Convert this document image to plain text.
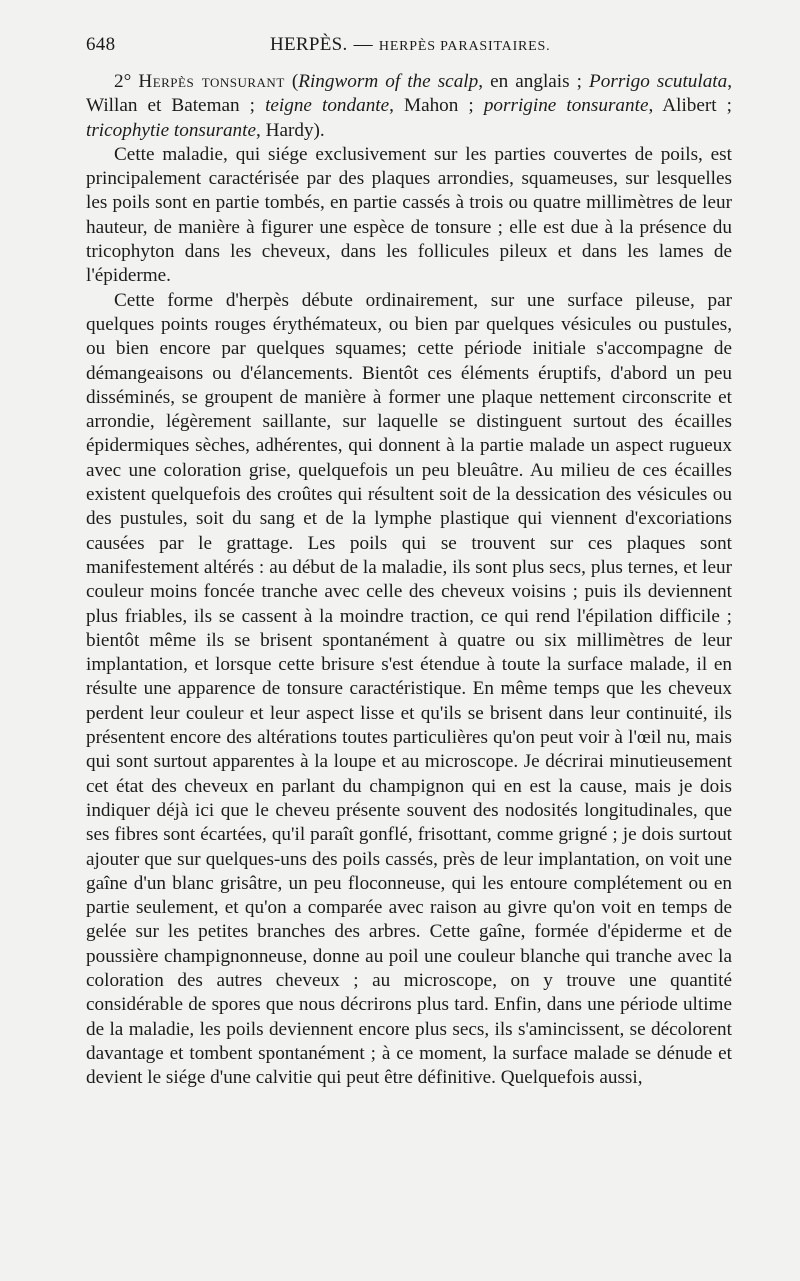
648	HERPÈS. — HERPÈS PARASITAIRES.

2° Herpès tonsurant (Ringworm of the scalp, en anglais ; Porrigo scutulata, Willan et Bateman ; teigne tondante, Mahon ; porrigine tonsurante, Alibert ; tricophytie tonsurante, Hardy).

Cette maladie, qui siége exclusivement sur les parties couvertes de poils, est principalement caractérisée par des plaques arrondies, squameuses, sur lesquelles les poils sont en partie tombés, en partie cassés à trois ou quatre millimètres de leur hauteur, de manière à figurer une espèce de tonsure ; elle est due à la présence du tricophyton dans les cheveux, dans les follicules pileux et dans les lames de l'épiderme.

Cette forme d'herpès débute ordinairement, sur une surface pileuse, par quelques points rouges érythémateux, ou bien par quelques vésicules ou pustules, ou bien encore par quelques squames; cette période initiale s'accompagne de démangeaisons ou d'élancements. Bientôt ces éléments éruptifs, d'abord un peu disséminés, se groupent de manière à former une plaque nettement circonscrite et arrondie, légèrement saillante, sur laquelle se distinguent surtout des écailles épidermiques sèches, adhérentes, qui donnent à la partie malade un aspect rugueux avec une coloration grise, quelquefois un peu bleuâtre. Au milieu de ces écailles existent quelquefois des croûtes qui résultent soit de la dessication des vésicules ou des pustules, soit du sang et de la lymphe plastique qui viennent d'excoriations causées par le grattage. Les poils qui se trouvent sur ces plaques sont manifestement altérés : au début de la maladie, ils sont plus secs, plus ternes, et leur couleur moins foncée tranche avec celle des cheveux voisins ; puis ils deviennent plus friables, ils se cassent à la moindre traction, ce qui rend l'épilation difficile ; bientôt même ils se brisent spontanément à quatre ou six millimètres de leur implantation, et lorsque cette brisure s'est étendue à toute la surface malade, il en résulte une apparence de tonsure caractéristique. En même temps que les cheveux perdent leur couleur et leur aspect lisse et qu'ils se brisent dans leur continuité, ils présentent encore des altérations toutes particulières qu'on peut voir à l'œil nu, mais qui sont surtout apparentes à la loupe et au microscope. Je décrirai minutieusement cet état des cheveux en parlant du champignon qui en est la cause, mais je dois indiquer déjà ici que le cheveu présente souvent des nodosités longitudinales, que ses fibres sont écartées, qu'il paraît gonflé, frisottant, comme grigné ; je dois surtout ajouter que sur quelques-uns des poils cassés, près de leur implantation, on voit une gaîne d'un blanc grisâtre, un peu floconneuse, qui les entoure complétement ou en partie seulement, et qu'on a comparée avec raison au givre qu'on voit en temps de gelée sur les petites branches des arbres. Cette gaîne, formée d'épiderme et de poussière champignonneuse, donne au poil une couleur blanche qui tranche avec la coloration des autres cheveux ; au microscope, on y trouve une quantité considérable de spores que nous décrirons plus tard. Enfin, dans une période ultime de la maladie, les poils deviennent encore plus secs, ils s'amincissent, se décolorent davantage et tombent spontanément ; à ce moment, la surface malade se dénude et devient le siége d'une calvitie qui peut être définitive. Quelquefois aussi,
